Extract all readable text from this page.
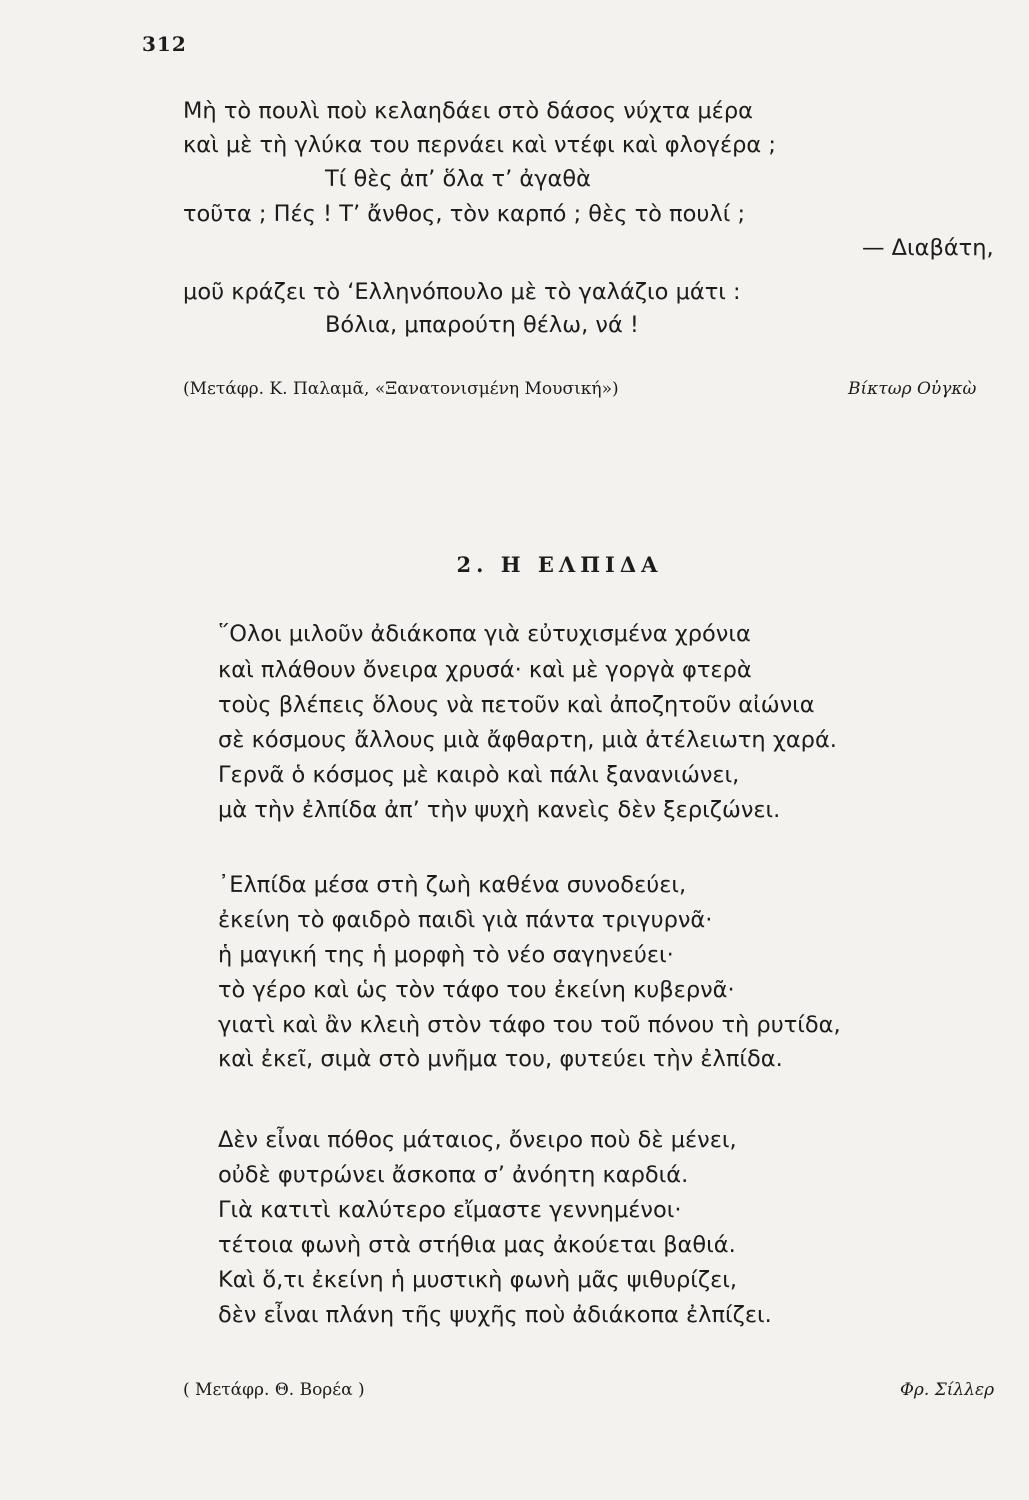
312
Μὴ τὸ πουλὶ ποὺ κελαηδάει στὸ δάσος νύχτα μέρα
καὶ μὲ τὴ γλύκα του περνάει καὶ ντέφι καὶ φλογέρα ;
Τί θὲς ἀπ’ ὅλα τ’ ἀγαθὰ
τοῦτα ; Πές ! Τ’ ἄνθος, τὸν καρπό ; θὲς τὸ πουλί ;
— Διαβάτη,
μοῦ κράζει τὸ ‘Ελληνόπουλο μὲ τὸ γαλάζιο μάτι :
Βόλια, μπαρούτη θέλω, νά !
(Μετάφρ. Κ. Παλαμᾶ, «Ξανατονισμένη Μουσική»)	Βίκτωρ Οὐγκὼ
2. Η ΕΛΠΙΔΑ
῞Ολοι μιλοῦν ἀδιάκοπα γιὰ εὐτυχισμένα χρόνια
καὶ πλάθουν ὄνειρα χρυσά· καὶ μὲ γοργὰ φτερὰ
τοὺς βλέπεις ὅλους νὰ πετοῦν καὶ ἀποζητοῦν αἰώνια
σὲ κόσμους ἄλλους μιὰ ἄφθαρτη, μιὰ ἀτέλειωτη χαρά.
Γερνᾶ ὁ κόσμος μὲ καιρὸ καὶ πάλι ξανανιώνει,
μὰ τὴν ἐλπίδα ἀπ’ τὴν ψυχὴ κανεὶς δὲν ξεριζώνει.
᾿Ελπίδα μέσα στὴ ζωὴ καθένα συνοδεύει,
ἐκείνη τὸ φαιδρὸ παιδὶ γιὰ πάντα τριγυρνᾶ·
ἡ μαγική της ἡ μορφὴ τὸ νέο σαγηνεύει·
τὸ γέρο καὶ ὡς τὸν τάφο του ἐκείνη κυβερνᾶ·
γιατὶ καὶ ἂν κλειὴ στὸν τάφο του τοῦ πόνου τὴ ρυτίδα,
καὶ ἐκεῖ, σιμὰ στὸ μνῆμα του, φυτεύει τὴν ἐλπίδα.
Δὲν εἶναι πόθος μάταιος, ὄνειρο ποὺ δὲ μένει,
οὐδὲ φυτρώνει ἄσκοπα σ’ ἀνόητη καρδιά.
Γιὰ κατιτὶ καλύτερο εἴμαστε γεννημένοι·
τέτοια φωνὴ στὰ στήθια μας ἀκούεται βαθιά.
Καὶ ὅ,τι ἐκείνη ἡ μυστικὴ φωνὴ μᾶς ψιθυρίζει,
δὲν εἶναι πλάνη τῆς ψυχῆς ποὺ ἀδιάκοπα ἐλπίζει.
( Μετάφρ. Θ. Βορέα )	Φρ. Σίλλερ
